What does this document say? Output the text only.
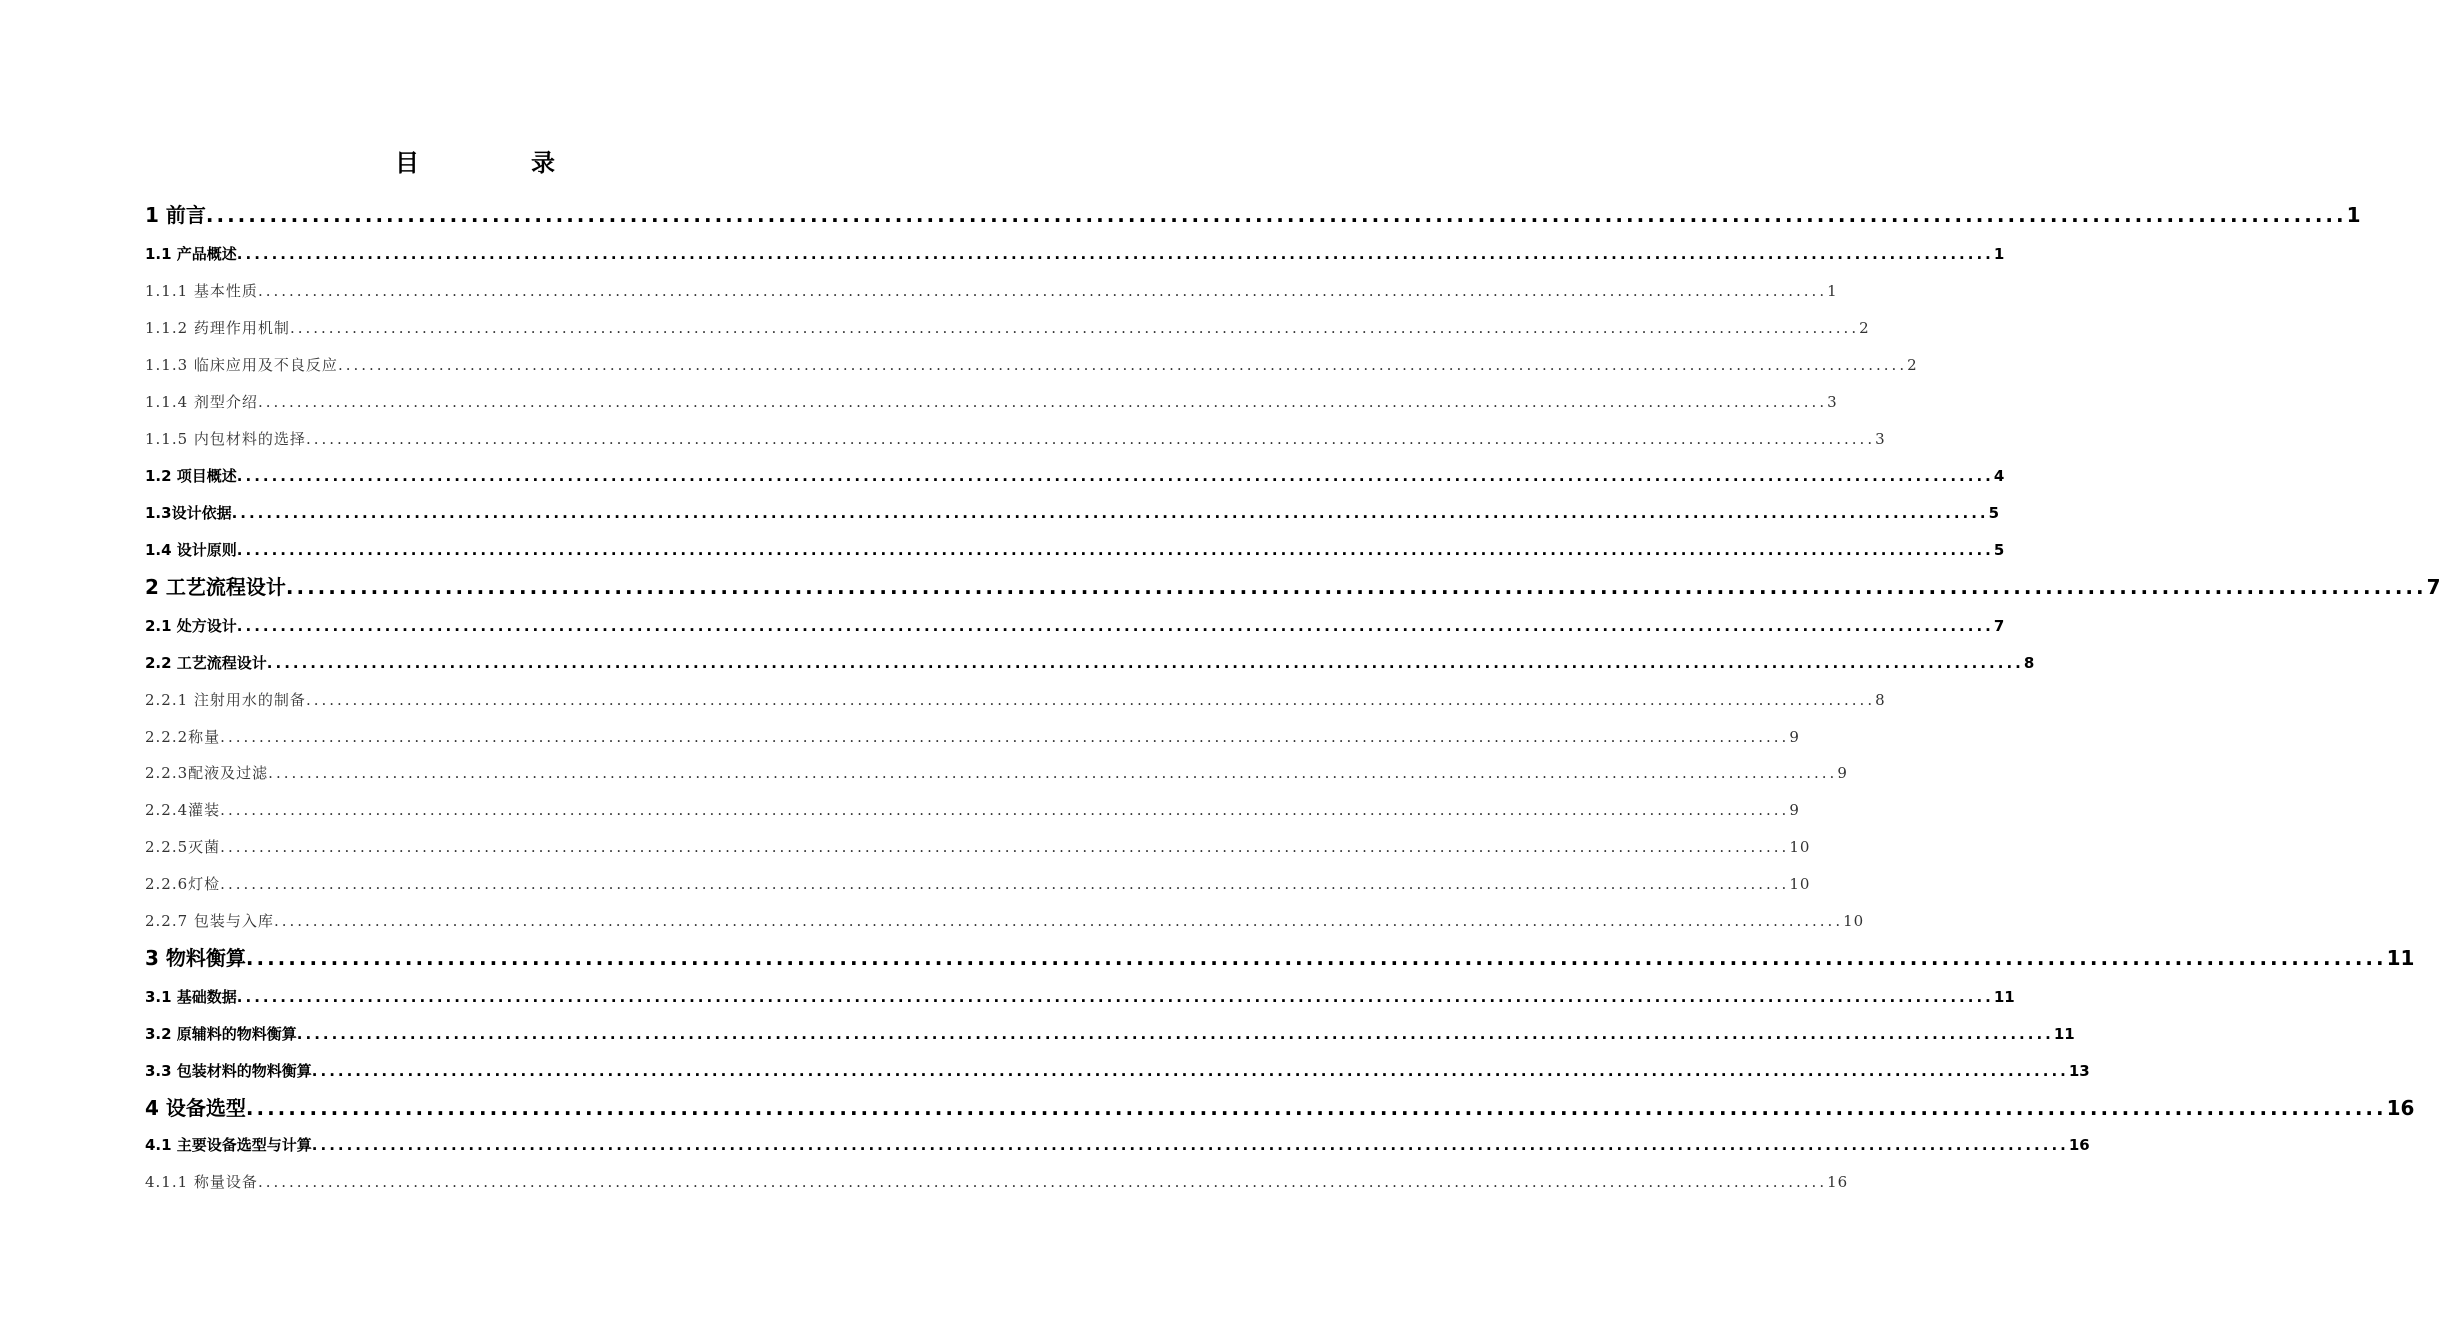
目　录
1 前言 .......................................................................................................................................................................................................... 1
1.1 产品概述 .......................................................................................................................................................................................................... 1
1.1.1 基本性质 .......................................................................................................................................................................................................... 1
1.1.2 药理作用机制 .......................................................................................................................................................................................................... 2
1.1.3 临床应用及不良反应 .......................................................................................................................................................................................................... 2
1.1.4 剂型介绍 .......................................................................................................................................................................................................... 3
1.1.5 内包材料的选择 .......................................................................................................................................................................................................... 3
1.2 项目概述 .......................................................................................................................................................................................................... 4
1.3设计依据 .......................................................................................................................................................................................................... 5
1.4 设计原则 .......................................................................................................................................................................................................... 5
2 工艺流程设计 .......................................................................................................................................................................................................... 7
2.1 处方设计 .......................................................................................................................................................................................................... 7
2.2 工艺流程设计 .......................................................................................................................................................................................................... 8
2.2.1 注射用水的制备 .......................................................................................................................................................................................................... 8
2.2.2称量 .......................................................................................................................................................................................................... 9
2.2.3配液及过滤 .......................................................................................................................................................................................................... 9
2.2.4灌装 .......................................................................................................................................................................................................... 9
2.2.5灭菌 .......................................................................................................................................................................................................... 10
2.2.6灯检 .......................................................................................................................................................................................................... 10
2.2.7 包装与入库 .......................................................................................................................................................................................................... 10
3 物料衡算 .......................................................................................................................................................................................................... 11
3.1 基础数据 .......................................................................................................................................................................................................... 11
3.2 原辅料的物料衡算 .......................................................................................................................................................................................................... 11
3.3 包装材料的物料衡算 .......................................................................................................................................................................................................... 13
4 设备选型 .......................................................................................................................................................................................................... 16
4.1 主要设备选型与计算 .......................................................................................................................................................................................................... 16
4.1.1 称量设备 .......................................................................................................................................................................................................... 16
